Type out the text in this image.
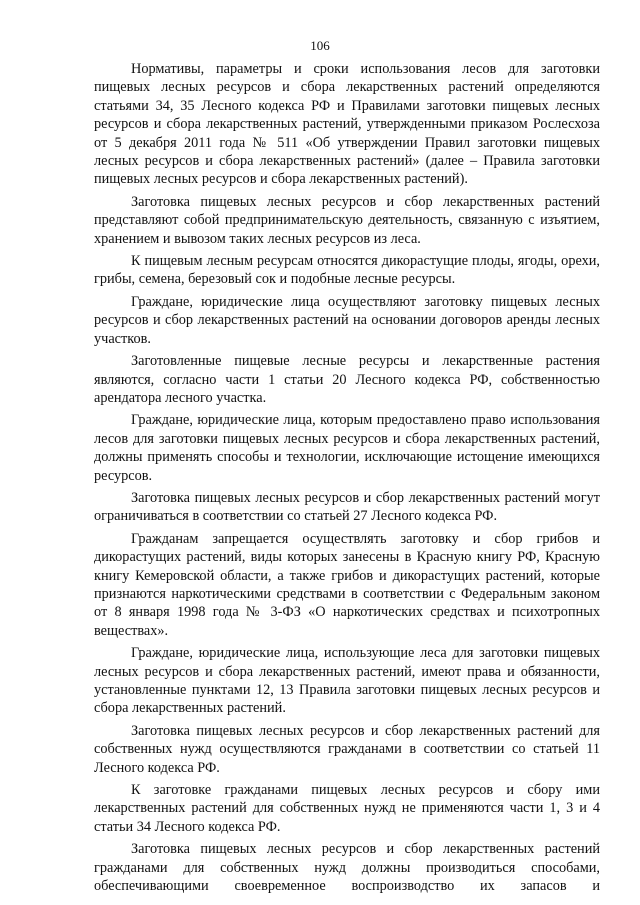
106

Нормативы, параметры и сроки использования лесов для заготовки пищевых лесных ресурсов и сбора лекарственных растений определяются статьями 34, 35 Лесного кодекса РФ и Правилами заготовки пищевых лесных ресурсов и сбора лекарственных растений, утвержденными приказом Рослесхоза от 5 декабря 2011 года № 511 «Об утверждении Правил заготовки пищевых лесных ресурсов и сбора лекарственных растений» (далее – Правила заготовки пищевых лесных ресурсов и сбора лекарственных растений).

Заготовка пищевых лесных ресурсов и сбор лекарственных растений представляют собой предпринимательскую деятельность, связанную с изъятием, хранением и вывозом таких лесных ресурсов из леса.

К пищевым лесным ресурсам относятся дикорастущие плоды, ягоды, орехи, грибы, семена, березовый сок и подобные лесные ресурсы.

Граждане, юридические лица осуществляют заготовку пищевых лесных ресурсов и сбор лекарственных растений на основании договоров аренды лесных участков.

Заготовленные пищевые лесные ресурсы и лекарственные растения являются, согласно части 1 статьи 20 Лесного кодекса РФ, собственностью арендатора лесного участка.

Граждане, юридические лица, которым предоставлено право использования лесов для заготовки пищевых лесных ресурсов и сбора лекарственных растений, должны применять способы и технологии, исключающие истощение имеющихся ресурсов.

Заготовка пищевых лесных ресурсов и сбор лекарственных растений могут ограничиваться в соответствии со статьей 27 Лесного кодекса РФ.

Гражданам запрещается осуществлять заготовку и сбор грибов и дикорастущих растений, виды которых занесены в Красную книгу РФ, Красную книгу Кемеровской области, а также грибов и дикорастущих растений, которые признаются наркотическими средствами в соответствии с Федеральным законом от 8 января 1998 года № 3-ФЗ «О наркотических средствах и психотропных веществах».

Граждане, юридические лица, использующие леса для заготовки пищевых лесных ресурсов и сбора лекарственных растений, имеют права и обязанности, установленные пунктами 12, 13 Правила заготовки пищевых лесных ресурсов и сбора лекарственных растений.

Заготовка пищевых лесных ресурсов и сбор лекарственных растений для собственных нужд осуществляются гражданами в соответствии со статьей 11 Лесного кодекса РФ.

К заготовке гражданами пищевых лесных ресурсов и сбору ими лекарственных растений для собственных нужд не применяются части 1, 3 и 4 статьи 34 Лесного кодекса РФ.

Заготовка пищевых лесных ресурсов и сбор лекарственных растений гражданами для собственных нужд должны производиться способами, обеспечивающими своевременное воспроизводство их запасов и
